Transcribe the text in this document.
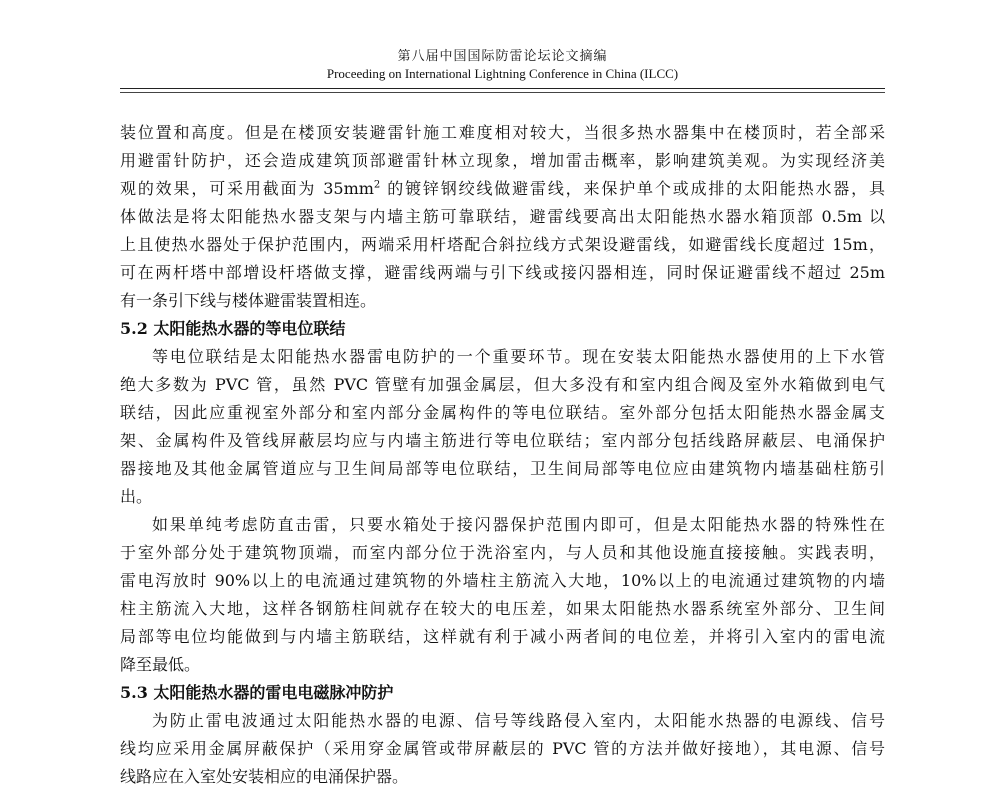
第八届中国国际防雷论坛论文摘编
Proceeding on International Lightning Conference in China (ILCC)
装位置和高度。但是在楼顶安装避雷针施工难度相对较大，当很多热水器集中在楼顶时，若全部采
用避雷针防护，还会造成建筑顶部避雷针林立现象，增加雷击概率，影响建筑美观。为实现经济美
观的效果，可采用截面为 $35mm^2$ 的镀锌钢绞线做避雷线，来保护单个或成排的太阳能热水器，具
体做法是将太阳能热水器支架与内墙主筋可靠联结，避雷线要高出太阳能热水器水箱顶部 0.5m 以
上且使热水器处于保护范围内，两端采用杆塔配合斜拉线方式架设避雷线，如避雷线长度超过 15m，
可在两杆塔中部增设杆塔做支撑，避雷线两端与引下线或接闪器相连，同时保证避雷线不超过 25m
有一条引下线与楼体避雷装置相连。
5.2 太阳能热水器的等电位联结
等电位联结是太阳能热水器雷电防护的一个重要环节。现在安装太阳能热水器使用的上下水管
绝大多数为 PVC 管，虽然 PVC 管壁有加强金属层，但大多没有和室内组合阀及室外水箱做到电气
联结，因此应重视室外部分和室内部分金属构件的等电位联结。室外部分包括太阳能热水器金属支
架、金属构件及管线屏蔽层均应与内墙主筋进行等电位联结；室内部分包括线路屏蔽层、电涌保护
器接地及其他金属管道应与卫生间局部等电位联结，卫生间局部等电位应由建筑物内墙基础柱筋引
出。
如果单纯考虑防直击雷，只要水箱处于接闪器保护范围内即可，但是太阳能热水器的特殊性在
于室外部分处于建筑物顶端，而室内部分位于洗浴室内，与人员和其他设施直接接触。实践表明，
雷电泻放时 90%以上的电流通过建筑物的外墙柱主筋流入大地，10%以上的电流通过建筑物的内墙
柱主筋流入大地，这样各钢筋柱间就存在较大的电压差，如果太阳能热水器系统室外部分、卫生间
局部等电位均能做到与内墙主筋联结，这样就有利于减小两者间的电位差，并将引入室内的雷电流
降至最低。
5.3 太阳能热水器的雷电电磁脉冲防护
为防止雷电波通过太阳能热水器的电源、信号等线路侵入室内，太阳能水热器的电源线、信号
线均应采用金属屏蔽保护（采用穿金属管或带屏蔽层的 PVC 管的方法并做好接地），其电源、信号
线路应在入室处安装相应的电涌保护器。
